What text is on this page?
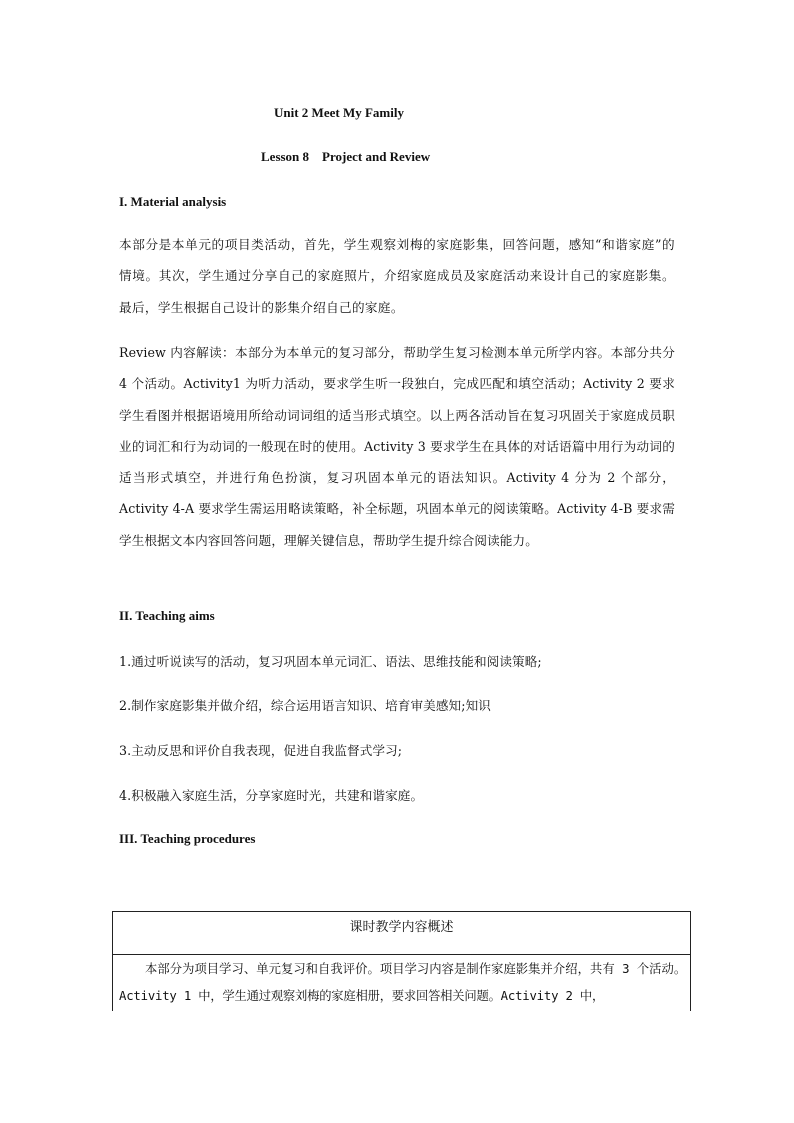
Unit 2 Meet My Family
Lesson 8    Project and Review
I. Material analysis

本部分是本单元的项目类活动，首先，学生观察刘梅的家庭影集，回答问题，感知“和谐家庭”的情境。其次，学生通过分享自己的家庭照片，介绍家庭成员及家庭活动来设计自己的家庭影集。最后，学生根据自己设计的影集介绍自己的家庭。

Review 内容解读：本部分为本单元的复习部分，帮助学生复习检测本单元所学内容。本部分共分 4 个活动。Activity1 为听力活动，要求学生听一段独白，完成匹配和填空活动；Activity 2 要求学生看图并根据语境用所给动词词组的适当形式填空。以上两各活动旨在复习巩固关于家庭成员职业的词汇和行为动词的一般现在时的使用。Activity 3 要求学生在具体的对话语篇中用行为动词的适当形式填空，并进行角色扮演，复习巩固本单元的语法知识。Activity 4 分为 2 个部分，Activity 4-A 要求学生需运用略读策略，补全标题，巩固本单元的阅读策略。Activity 4-B 要求需学生根据文本内容回答问题，理解关键信息，帮助学生提升综合阅读能力。

II. Teaching aims
1.通过听说读写的活动，复习巩固本单元词汇、语法、思维技能和阅读策略;
2.制作家庭影集并做介绍，综合运用语言知识、培育审美感知;知识
3.主动反思和评价自我表现，促进自我监督式学习;
4.积极融入家庭生活，分享家庭时光，共建和谐家庭。
III. Teaching procedures
课时教学内容概述
本部分为项目学习、单元复习和自我评价。项目学习内容是制作家庭影集并介绍，共有 3 个活动。Activity 1 中，学生通过观察刘梅的家庭相册，要求回答相关问题。Activity 2 中，
